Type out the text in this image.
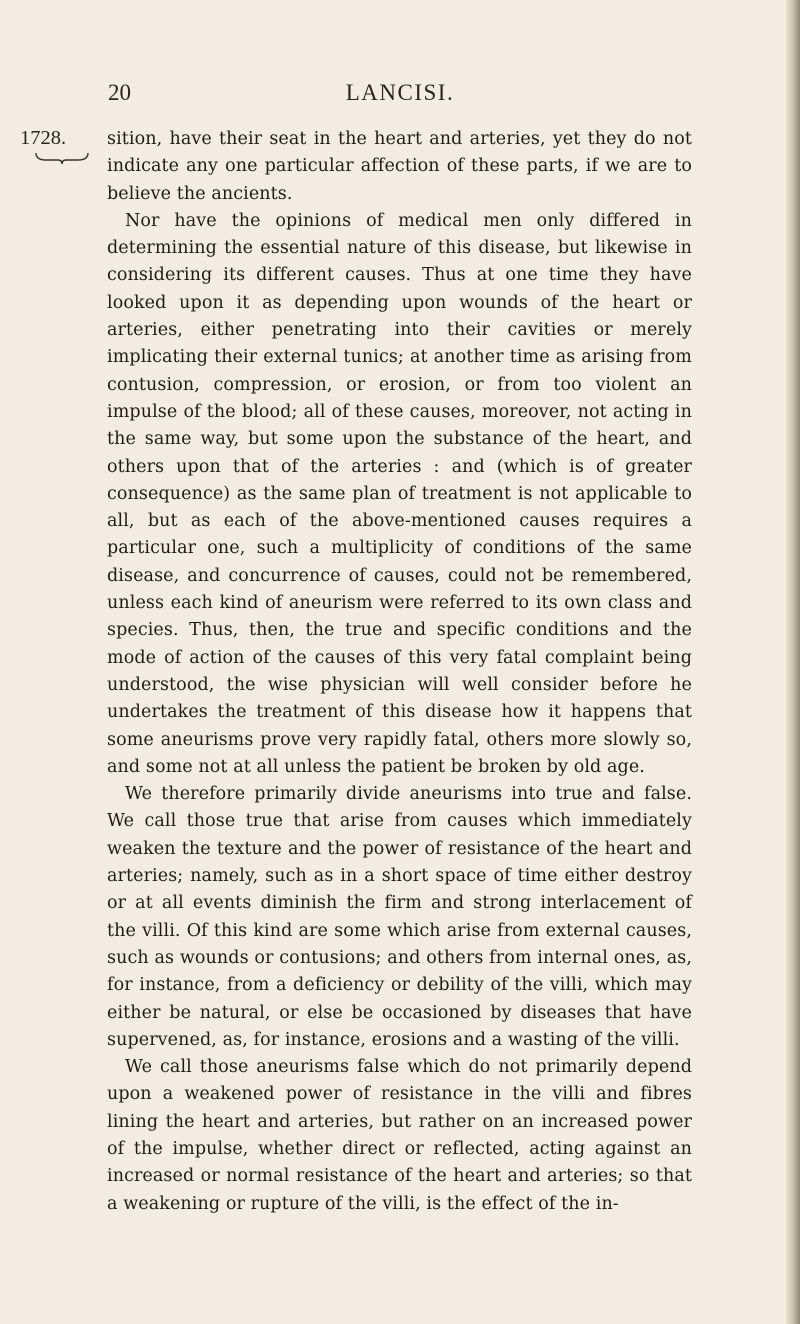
20	LANCISI.
1728.	sition, have their seat in the heart and arteries, yet they do not indicate any one particular affection of these parts, if we are to believe the ancients.

Nor have the opinions of medical men only differed in determining the essential nature of this disease, but likewise in considering its different causes. Thus at one time they have looked upon it as depending upon wounds of the heart or arteries, either penetrating into their cavities or merely implicating their external tunics; at another time as arising from contusion, compression, or erosion, or from too violent an impulse of the blood; all of these causes, moreover, not acting in the same way, but some upon the substance of the heart, and others upon that of the arteries : and (which is of greater consequence) as the same plan of treatment is not applicable to all, but as each of the above-mentioned causes requires a particular one, such a multiplicity of conditions of the same disease, and concurrence of causes, could not be remembered, unless each kind of aneurism were referred to its own class and species. Thus, then, the true and specific conditions and the mode of action of the causes of this very fatal complaint being understood, the wise physician will well consider before he undertakes the treatment of this disease how it happens that some aneurisms prove very rapidly fatal, others more slowly so, and some not at all unless the patient be broken by old age.

We therefore primarily divide aneurisms into true and false. We call those true that arise from causes which immediately weaken the texture and the power of resistance of the heart and arteries; namely, such as in a short space of time either destroy or at all events diminish the firm and strong interlacement of the villi. Of this kind are some which arise from external causes, such as wounds or contusions; and others from internal ones, as, for instance, from a deficiency or debility of the villi, which may either be natural, or else be occasioned by diseases that have supervened, as, for instance, erosions and a wasting of the villi.

We call those aneurisms false which do not primarily depend upon a weakened power of resistance in the villi and fibres lining the heart and arteries, but rather on an increased power of the impulse, whether direct or reflected, acting against an increased or normal resistance of the heart and arteries; so that a weakening or rupture of the villi, is the effect of the in-
